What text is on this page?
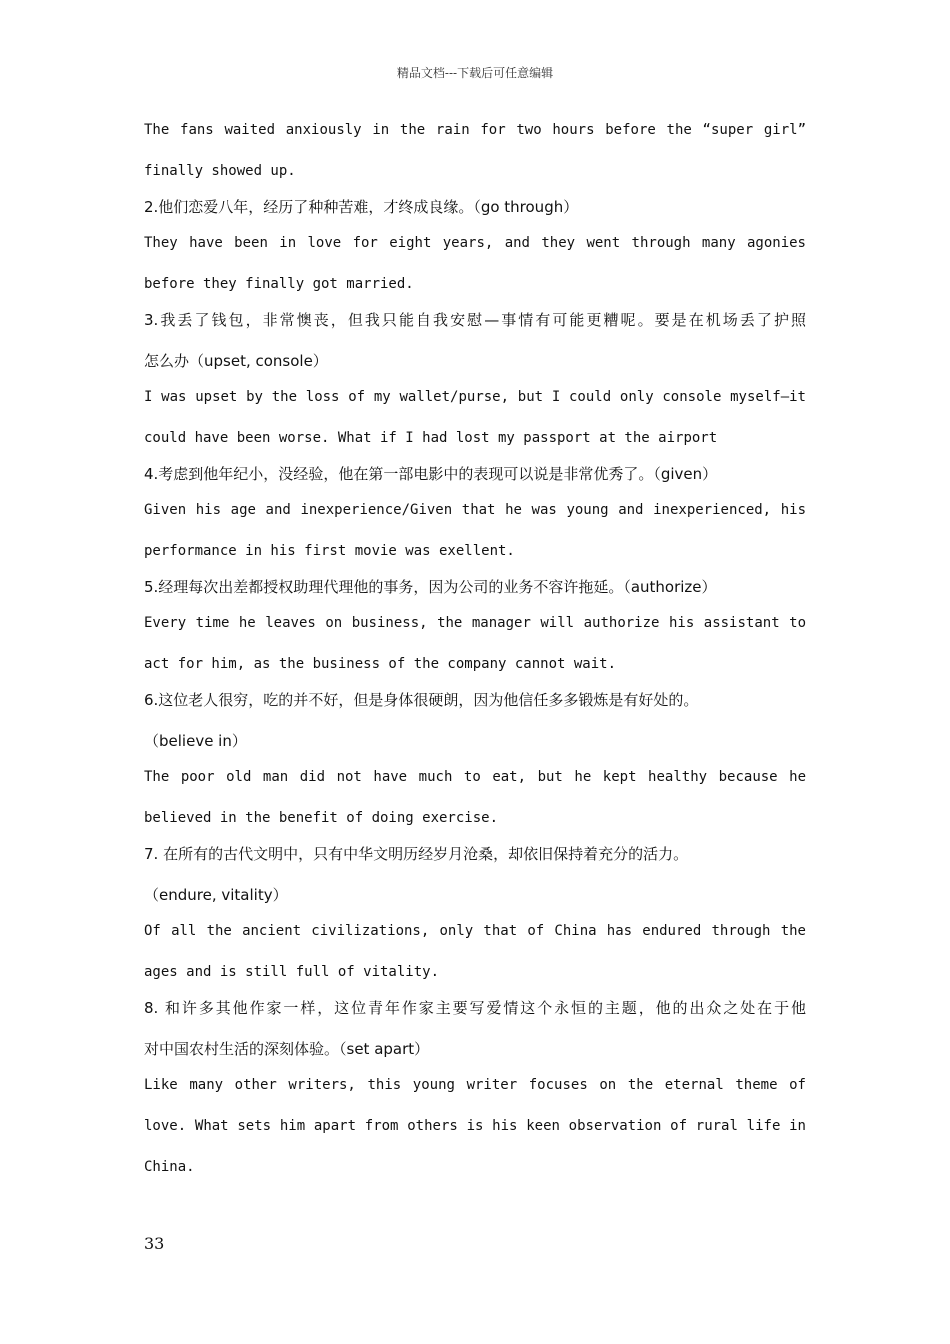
精品文档---下载后可任意编辑
The fans waited anxiously in the rain for two hours before the “super girl”
finally showed up.
2.他们恋爱八年，经历了种种苦难，才终成良缘。（go through）
They have been in love for eight years, and they went through many agonies
before they finally got married.
3.我丢了钱包，非常懊丧，但我只能自我安慰—事情有可能更糟呢。要是在机场丢了护照
怎么办（upset, console）
I was upset by the loss of my wallet/purse, but I could only console myself—it
could have been worse. What if I had lost my passport at the airport
4.考虑到他年纪小，没经验，他在第一部电影中的表现可以说是非常优秀了。（given）
Given his age and inexperience/Given that he was young and inexperienced, his
performance in his first movie was exellent.
5.经理每次出差都授权助理代理他的事务，因为公司的业务不容许拖延。（authorize）
Every time he leaves on business, the manager will authorize his assistant to
act for him, as the business of the company cannot wait.
6.这位老人很穷，吃的并不好，但是身体很硬朗，因为他信任多多锻炼是有好处的。
（believe in）
The poor old man did not have much to eat, but he kept healthy because he
believed in the benefit of doing exercise.
7. 在所有的古代文明中，只有中华文明历经岁月沧桑，却依旧保持着充分的活力。
（endure, vitality）
Of all the ancient civilizations, only that of China has endured through the
ages and is still full of vitality.
8. 和许多其他作家一样，这位青年作家主要写爱情这个永恒的主题，他的出众之处在于他
对中国农村生活的深刻体验。（set apart）
Like many other writers, this young writer focuses on the eternal theme of
love. What sets him apart from others is his keen observation of rural life in
China.
33
